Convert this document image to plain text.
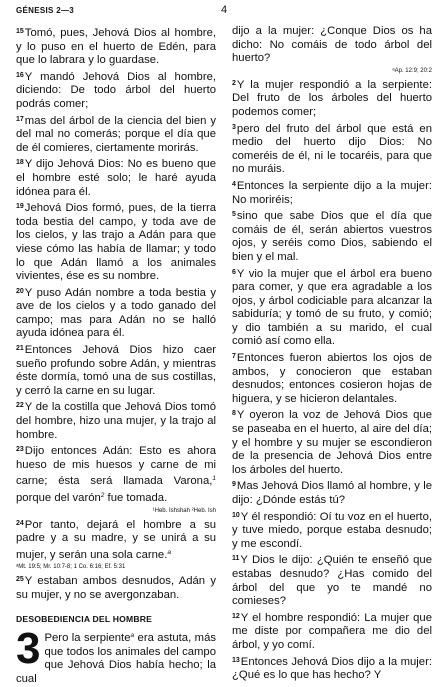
GÉNESIS 2—3	4

$^{15}$Tomó, pues, Jehová Dios al hombre, y lo puso en el huerto de Edén, para que lo labrara y lo guardase.

$^{16}$Y mandó Jehová Dios al hombre, diciendo: De todo árbol del huerto podrás comer;

$^{17}$mas del árbol de la ciencia del bien y del mal no comerás; porque el día que de él comieres, ciertamente morirás.

$^{18}$Y dijo Jehová Dios: No es bueno que el hombre esté solo; le haré ayuda idónea para él.

$^{19}$Jehová Dios formó, pues, de la tierra toda bestia del campo, y toda ave de los cielos, y las trajo a Adán para que viese cómo las había de llamar; y todo lo que Adán llamó a los animales vivientes, ése es su nombre.

$^{20}$Y puso Adán nombre a toda bestia y ave de los cielos y a todo ganado del campo; mas para Adán no se halló ayuda idónea para él.

$^{21}$Entonces Jehová Dios hizo caer sueño profundo sobre Adán, y mientras éste dormía, tomó una de sus costillas, y cerró la carne en su lugar.

$^{22}$Y de la costilla que Jehová Dios tomó del hombre, hizo una mujer, y la trajo al hombre.

$^{23}$Dijo entonces Adán: Esto es ahora hueso de mis huesos y carne de mi carne; ésta será llamada Varona,$^1$ porque del varón$^2$ fue tomada.

¹Heb. Ishshah ²Heb. Ish

$^{24}$Por tanto, dejará el hombre a su padre y a su madre, y se unirá a su mujer, y serán una sola carne.$^a$

ᵃMt. 19:5; Mr. 10:7-8; 1 Co. 6:16; Ef. 5:31

$^{25}$Y estaban ambos desnudos, Adán y su mujer, y no se avergonzaban.

DESOBEDIENCIA DEL HOMBRE

3 Pero la serpiente$^a$ era astuta, más que todos los animales del campo que Jehová Dios había hecho; la cual

dijo a la mujer: ¿Conque Dios os ha dicho: No comáis de todo árbol del huerto?

ᵃAp. 12:9; 20:2

$^2$Y la mujer respondió a la serpiente: Del fruto de los árboles del huerto podemos comer;

$^3$pero del fruto del árbol que está en medio del huerto dijo Dios: No comeréis de él, ni le tocaréis, para que no muráis.

$^4$Entonces la serpiente dijo a la mujer: No moriréis;

$^5$sino que sabe Dios que el día que comáis de él, serán abiertos vuestros ojos, y seréis como Dios, sabiendo el bien y el mal.

$^6$Y vio la mujer que el árbol era bueno para comer, y que era agradable a los ojos, y árbol codiciable para alcanzar la sabiduría; y tomó de su fruto, y comió; y dio también a su marido, el cual comió así como ella.

$^7$Entonces fueron abiertos los ojos de ambos, y conocieron que estaban desnudos; entonces cosieron hojas de higuera, y se hicieron delantales.

$^8$Y oyeron la voz de Jehová Dios que se paseaba en el huerto, al aire del día; y el hombre y su mujer se escondieron de la presencia de Jehová Dios entre los árboles del huerto.

$^9$Mas Jehová Dios llamó al hombre, y le dijo: ¿Dónde estás tú?

$^{10}$Y él respondió: Oí tu voz en el huerto, y tuve miedo, porque estaba desnudo; y me escondí.

$^{11}$Y Dios le dijo: ¿Quién te enseñó que estabas desnudo? ¿Has comido del árbol del que yo te mandé no comieses?

$^{12}$Y el hombre respondió: La mujer que me diste por compañera me dio del árbol, y yo comí.

$^{13}$Entonces Jehová Dios dijo a la mujer: ¿Qué es lo que has hecho? Y
